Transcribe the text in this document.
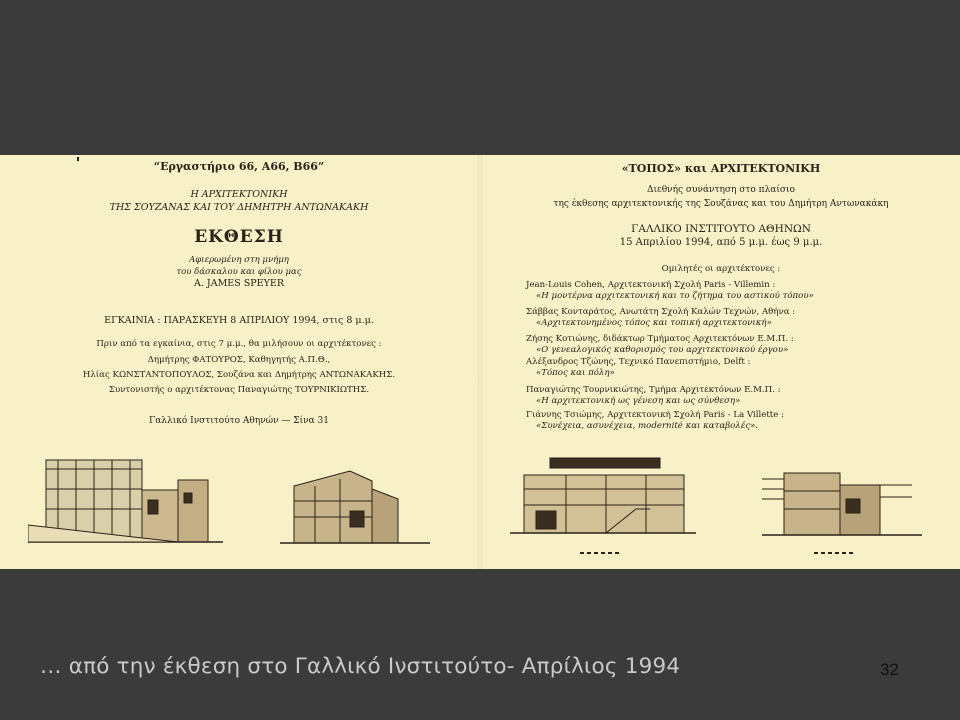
“Εργαστήριο 66, Α66, Β66”
Η ΑΡΧΙΤΕΚΤΟΝΙΚΗ
ΤΗΣ ΣΟΥΖΑΝΑΣ ΚΑΙ ΤΟΥ ΔΗΜΗΤΡΗ ΑΝΤΩΝΑΚΑΚΗ
ΕΚΘΕΣΗ
Αφιερωμένη στη μνήμη
του δάσκαλου και φίλου μας
A. JAMES SPEYER
ΕΓΚΑΙΝΙΑ : ΠΑΡΑΣΚΕΥΗ 8 ΑΠΡΙΛΙΟΥ 1994, στις 8 μ.μ.
Πριν από τα εγκαίνια, στις 7 μ.μ., θα μιλήσουν οι αρχιτέκτονες :
Δημήτρης ΦΑΤΟΥΡΟΣ, Καθηγητής Α.Π.Θ.,
Ηλίας ΚΩΝΣΤΑΝΤΟΠΟΥΛΟΣ, Σουζάνα και Δημήτρης ΑΝΤΩΝΑΚΑΚΗΣ.
Συντονιστής ο αρχιτέκτονας Παναγιώτης ΤΟΥΡΝΙΚΙΩΤΗΣ.
Γαλλικό Ινστιτούτο Αθηνών — Σίνα 31
«ΤΟΠΟΣ» και ΑΡΧΙΤΕΚΤΟΝΙΚΗ
Διεθνής συνάντηση στο πλαίσιο
της έκθεσης αρχιτεκτονικής της Σουζάνας και του Δημήτρη Αντωνακάκη
ΓΑΛΛΙΚΟ ΙΝΣΤΙΤΟΥΤΟ ΑΘΗΝΩΝ
15 Απριλίου 1994, από 5 μ.μ. έως 9 μ.μ.
Ομιλητές οι αρχιτέκτονες :
Jean-Louis Cohen, Αρχιτεκτονική Σχολή Paris - Villemin :
«Η μοντέρνα αρχιτεκτονική και το ζήτημα του αστικού τόπου»
Σάββας Κονταράτος, Ανωτάτη Σχολή Καλών Τεχνών, Αθήνα :
«Αρχιτεκτονημένος τόπος και τοπική αρχιτεκτονική»
Ζήσης Κοτιώνης, διδάκτωρ Τμήματος Αρχιτεκτόνων Ε.Μ.Π. :
«Ο γενεαλογικός καθορισμός του αρχιτεκτονικού έργου»
Αλέξανδρος Τζώνης, Τεχνικό Πανεπιστήμιο, Delft :
«Τόπος και πόλη»
Παναγιώτης Τουρνικιώτης, Τμήμα Αρχιτεκτόνων Ε.Μ.Π. :
«Η αρχιτεκτονική ως γένεση και ως σύνθεση»
Γιάννης Τσιώμης, Αρχιτεκτονική Σχολή Paris - La Villette :
«Συνέχεια, ασυνέχεια, modernité και καταβολές».
… από την έκθεση στο Γαλλικό Ινστιτούτο- Απρίλιος 1994	32
